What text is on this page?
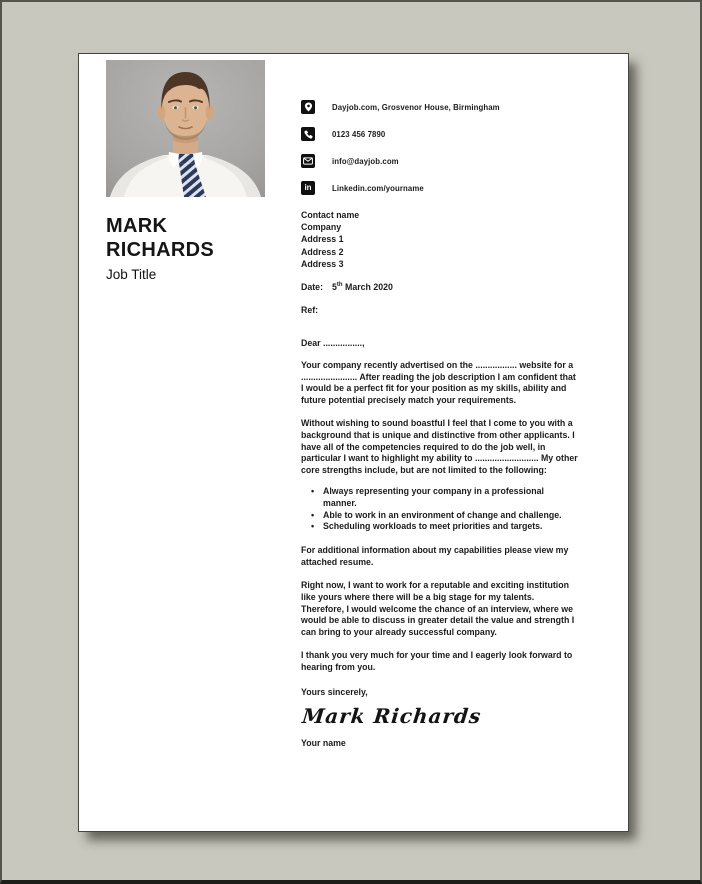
MARK
RICHARDS
Job Title
Dayjob.com, Grosvenor House, Birmingham
0123 456 7890
info@dayjob.com
in	Linkedin.com/yourname
Contact name
Company
Address 1
Address 2
Address 3
Date: 5th March 2020
Ref:
Dear ................,

Your company recently advertised on the ................. website for a ....................... After reading the job description I am confident that I would be a perfect fit for your position as my skills, ability and future potential precisely match your requirements.

Without wishing to sound boastful I feel that I come to you with a background that is unique and distinctive from other applicants. I have all of the competencies required to do the job well, in particular I want to highlight my ability to .......................... My other core strengths include, but are not limited to the following:

• Always representing your company in a professional manner.
• Able to work in an environment of change and challenge.
• Scheduling workloads to meet priorities and targets.

For additional information about my capabilities please view my attached resume.

Right now, I want to work for a reputable and exciting institution like yours where there will be a big stage for my talents. Therefore, I would welcome the chance of an interview, where we would be able to discuss in greater detail the value and strength I can bring to your already successful company.

I thank you very much for your time and I eagerly look forward to hearing from you.

Yours sincerely,
Mark Richards
Your name
